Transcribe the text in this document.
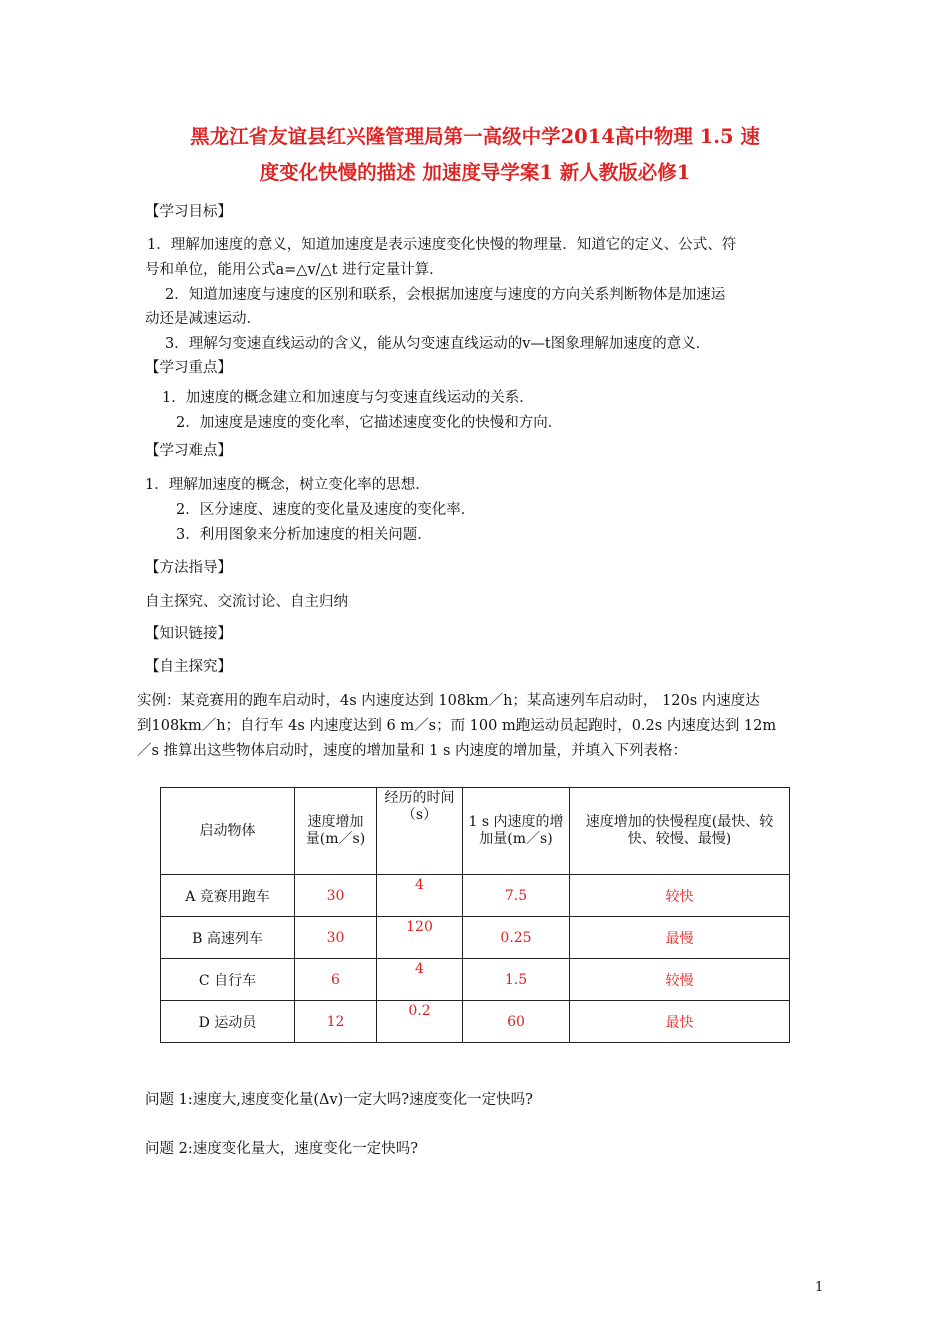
黑龙江省友谊县红兴隆管理局第一高级中学2014高中物理 1.5 速
度变化快慢的描述 加速度导学案1 新人教版必修1
【学习目标】
1．理解加速度的意义，知道加速度是表示速度变化快慢的物理量．知道它的定义、公式、符
号和单位，能用公式a=△v/△t 进行定量计算．
2．知道加速度与速度的区别和联系，会根据加速度与速度的方向关系判断物体是加速运
动还是减速运动．
3．理解匀变速直线运动的含义，能从匀变速直线运动的v—t图象理解加速度的意义．
【学习重点】
1．加速度的概念建立和加速度与匀变速直线运动的关系．
2．加速度是速度的变化率，它描述速度变化的快慢和方向．
【学习难点】
1．理解加速度的概念，树立变化率的思想．
2．区分速度、速度的变化量及速度的变化率．
3．利用图象来分析加速度的相关问题．
【方法指导】
自主探究、交流讨论、自主归纳
【知识链接】
【自主探究】
实例：某竞赛用的跑车启动时，4s 内速度达到 108km／h；某高速列车启动时， 120s 内速度达
到108km／h；自行车 4s 内速度达到 6 m／s；而 100 m跑运动员起跑时，0.2s 内速度达到 12m
／s 推算出这些物体启动时，速度的增加量和 1 s 内速度的增加量，并填入下列表格：
启动物体	速度增加量(m／s)	经历的时间（s）	1 s 内速度的增加量(m／s)	速度增加的快慢程度(最快、较快、较慢、最慢)
A 竞赛用跑车	30	4	7.5	较快
B 高速列车	30	120	0.25	最慢
C 自行车	6	4	1.5	较慢
D 运动员	12	0.2	60	最快
问题 1:速度大,速度变化量(Δv)一定大吗?速度变化一定快吗?
问题 2:速度变化量大，速度变化一定快吗?
1
